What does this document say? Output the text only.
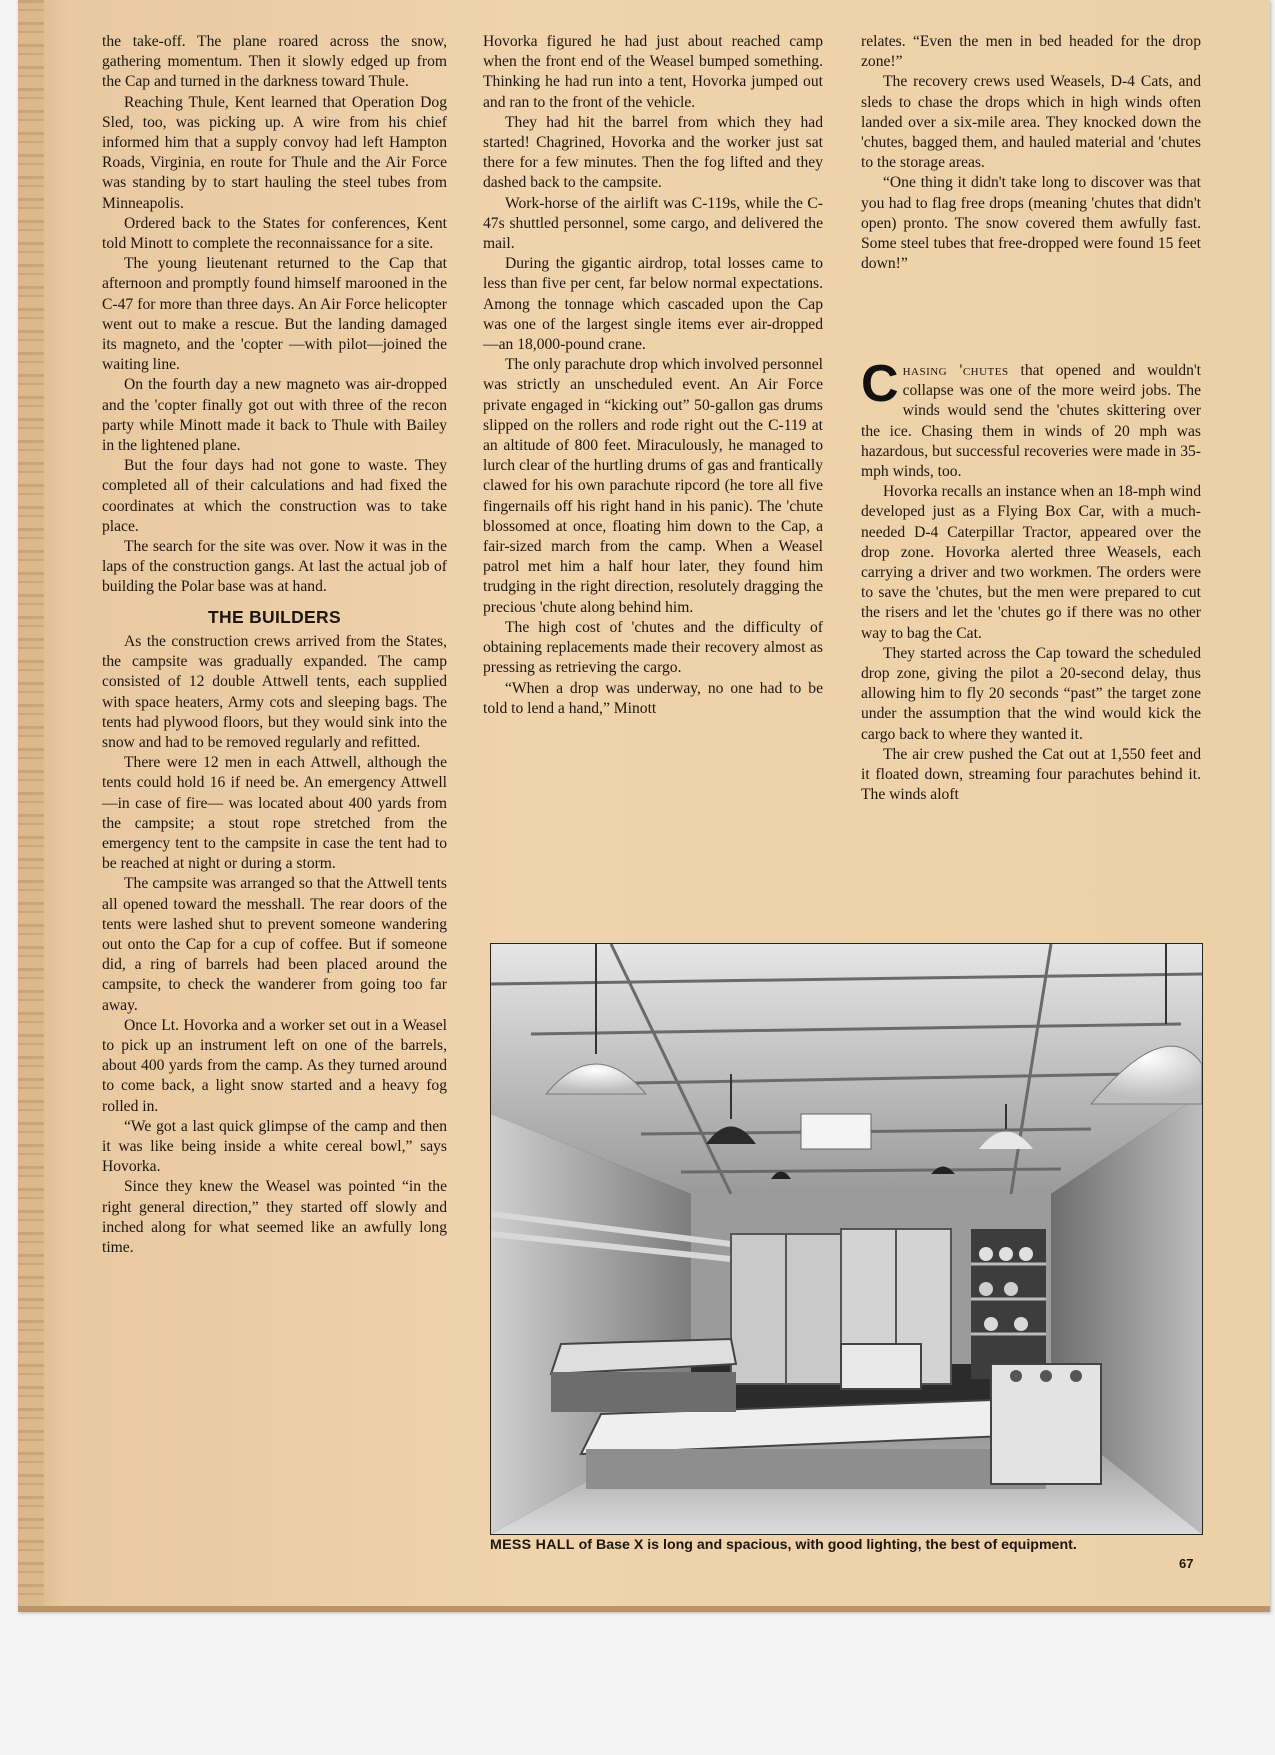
the take-off. The plane roared across the snow, gathering momentum. Then it slowly edged up from the Cap and turned in the darkness toward Thule.

Reaching Thule, Kent learned that Operation Dog Sled, too, was picking up. A wire from his chief informed him that a supply convoy had left Hampton Roads, Virginia, en route for Thule and the Air Force was standing by to start hauling the steel tubes from Minneapolis.

Ordered back to the States for conferences, Kent told Minott to complete the reconnaissance for a site.

The young lieutenant returned to the Cap that afternoon and promptly found himself marooned in the C-47 for more than three days. An Air Force helicopter went out to make a rescue. But the landing damaged its magneto, and the 'copter —with pilot—joined the waiting line.

On the fourth day a new magneto was air-dropped and the 'copter finally got out with three of the recon party while Minott made it back to Thule with Bailey in the lightened plane.

But the four days had not gone to waste. They completed all of their calculations and had fixed the coordinates at which the construction was to take place.

The search for the site was over. Now it was in the laps of the construction gangs. At last the actual job of building the Polar base was at hand.

THE BUILDERS

As the construction crews arrived from the States, the campsite was gradually expanded. The camp consisted of 12 double Attwell tents, each supplied with space heaters, Army cots and sleeping bags. The tents had plywood floors, but they would sink into the snow and had to be removed regularly and refitted.

There were 12 men in each Attwell, although the tents could hold 16 if need be. An emergency Attwell—in case of fire— was located about 400 yards from the campsite; a stout rope stretched from the emergency tent to the campsite in case the tent had to be reached at night or during a storm.

The campsite was arranged so that the Attwell tents all opened toward the messhall. The rear doors of the tents were lashed shut to prevent someone wandering out onto the Cap for a cup of coffee. But if someone did, a ring of barrels had been placed around the campsite, to check the wanderer from going too far away.

Once Lt. Hovorka and a worker set out in a Weasel to pick up an instrument left on one of the barrels, about 400 yards from the camp. As they turned around to come back, a light snow started and a heavy fog rolled in.

“We got a last quick glimpse of the camp and then it was like being inside a white cereal bowl,” says Hovorka.

Since they knew the Weasel was pointed “in the right general direction,” they started off slowly and inched along for what seemed like an awfully long time.

Hovorka figured he had just about reached camp when the front end of the Weasel bumped something. Thinking he had run into a tent, Hovorka jumped out and ran to the front of the vehicle.

They had hit the barrel from which they had started! Chagrined, Hovorka and the worker just sat there for a few minutes. Then the fog lifted and they dashed back to the campsite.

Work-horse of the airlift was C-119s, while the C-47s shuttled personnel, some cargo, and delivered the mail.

During the gigantic airdrop, total losses came to less than five per cent, far below normal expectations. Among the tonnage which cascaded upon the Cap was one of the largest single items ever air-dropped —an 18,000-pound crane.

The only parachute drop which involved personnel was strictly an unscheduled event. An Air Force private engaged in “kicking out” 50-gallon gas drums slipped on the rollers and rode right out the C-119 at an altitude of 800 feet. Miraculously, he managed to lurch clear of the hurtling drums of gas and frantically clawed for his own parachute ripcord (he tore all five fingernails off his right hand in his panic). The 'chute blossomed at once, floating him down to the Cap, a fair-sized march from the camp. When a Weasel patrol met him a half hour later, they found him trudging in the right direction, resolutely dragging the precious 'chute along behind him.

The high cost of 'chutes and the difficulty of obtaining replacements made their recovery almost as pressing as retrieving the cargo.

“When a drop was underway, no one had to be told to lend a hand,” Minott

relates. “Even the men in bed headed for the drop zone!”

The recovery crews used Weasels, D-4 Cats, and sleds to chase the drops which in high winds often landed over a six-mile area. They knocked down the 'chutes, bagged them, and hauled material and 'chutes to the storage areas.

“One thing it didn't take long to discover was that you had to flag free drops (meaning 'chutes that didn't open) pronto. The snow covered them awfully fast. Some steel tubes that free-dropped were found 15 feet down!”

Chasing 'chutes that opened and wouldn't collapse was one of the more weird jobs. The winds would send the 'chutes skittering over the ice. Chasing them in winds of 20 mph was hazardous, but successful recoveries were made in 35-mph winds, too.

Hovorka recalls an instance when an 18-mph wind developed just as a Flying Box Car, with a much-needed D-4 Caterpillar Tractor, appeared over the drop zone. Hovorka alerted three Weasels, each carrying a driver and two workmen. The orders were to save the 'chutes, but the men were prepared to cut the risers and let the 'chutes go if there was no other way to bag the Cat.

They started across the Cap toward the scheduled drop zone, giving the pilot a 20-second delay, thus allowing him to fly 20 seconds “past” the target zone under the assumption that the wind would kick the cargo back to where they wanted it.

The air crew pushed the Cat out at 1,550 feet and it floated down, streaming four parachutes behind it. The winds aloft

MESS HALL of Base X is long and spacious, with good lighting, the best of equipment.
67
